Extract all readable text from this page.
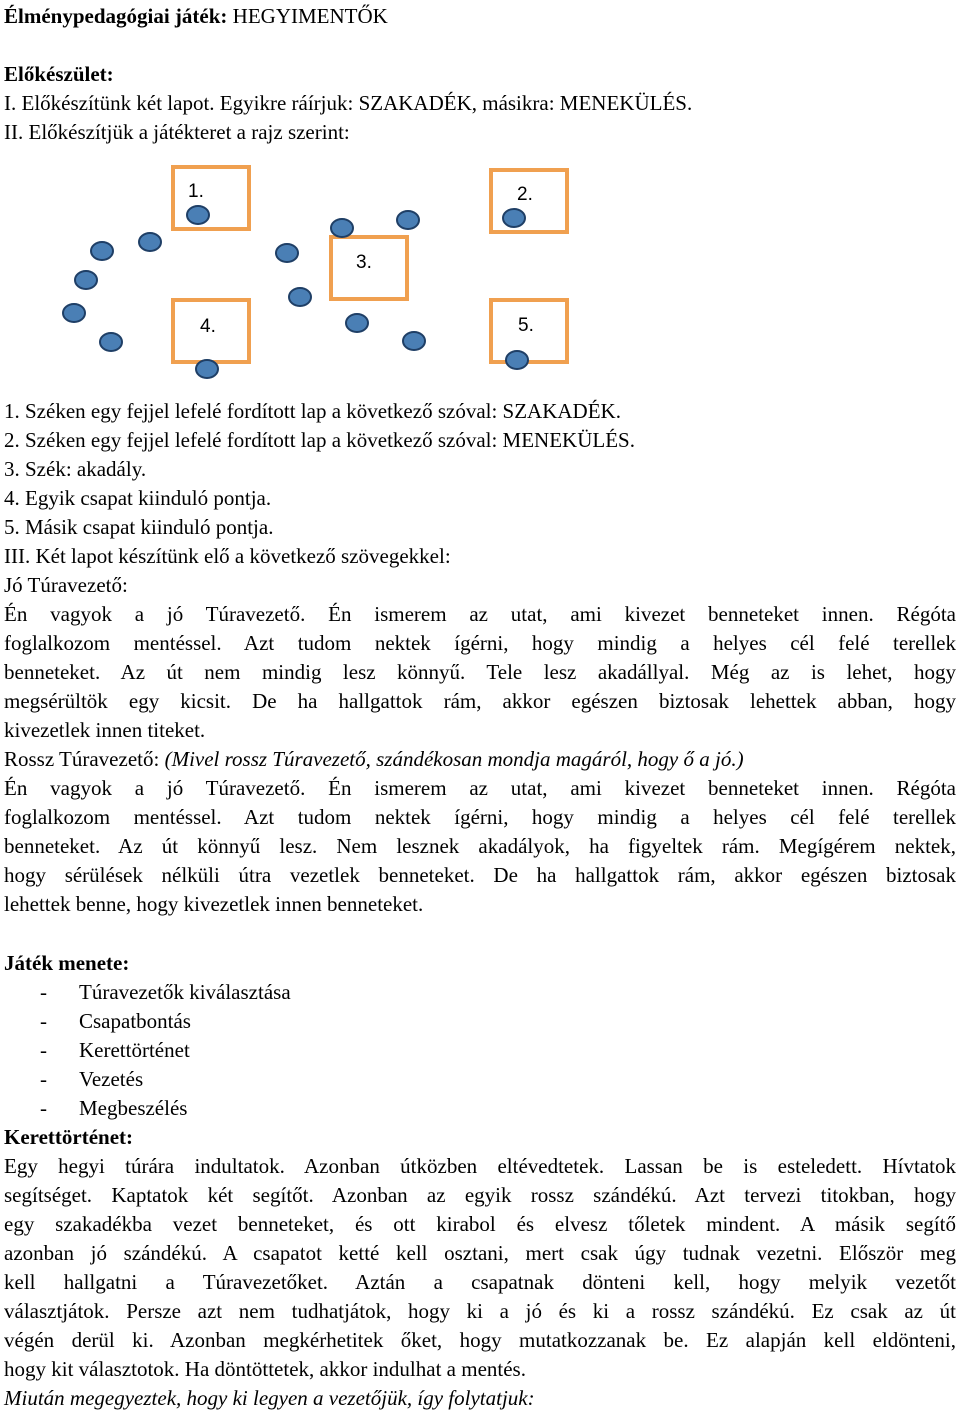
Élménypedagógiai játék: HEGYIMENTŐK
Előkészület:
I. Előkészítünk két lapot. Egyikre ráírjuk: SZAKADÉK, másikra: MENEKÜLÉS.
II. Előkészítjük a játékteret a rajz szerint:
1.	2.
3.
4.	5.
1. Széken egy fejjel lefelé fordított lap a következő szóval: SZAKADÉK.
2. Széken egy fejjel lefelé fordított lap a következő szóval: MENEKÜLÉS.
3. Szék: akadály.
4. Egyik csapat kiinduló pontja.
5. Másik csapat kiinduló pontja.
III. Két lapot készítünk elő a következő szövegekkel:
Jó Túravezető:
Én vagyok a jó Túravezető. Én ismerem az utat, ami kivezet benneteket innen. Régóta
foglalkozom mentéssel. Azt tudom nektek ígérni, hogy mindig a helyes cél felé terellek
benneteket. Az út nem mindig lesz könnyű. Tele lesz akadállyal. Még az is lehet, hogy
megsérültök egy kicsit. De ha hallgattok rám, akkor egészen biztosak lehettek abban, hogy
kivezetlek innen titeket.
Rossz Túravezető: (Mivel rossz Túravezető, szándékosan mondja magáról, hogy ő a jó.)
Én vagyok a jó Túravezető. Én ismerem az utat, ami kivezet benneteket innen. Régóta
foglalkozom mentéssel. Azt tudom nektek ígérni, hogy mindig a helyes cél felé terellek
benneteket. Az út könnyű lesz. Nem lesznek akadályok, ha figyeltek rám. Megígérem nektek,
hogy sérülések nélküli útra vezetlek benneteket. De ha hallgattok rám, akkor egészen biztosak
lehettek benne, hogy kivezetlek innen benneteket.
Játék menete:
- Túravezetők kiválasztása
- Csapatbontás
- Kerettörténet
- Vezetés
- Megbeszélés
Kerettörténet:
Egy hegyi túrára indultatok. Azonban útközben eltévedtetek. Lassan be is esteledett. Hívtatok
segítséget. Kaptatok két segítőt. Azonban az egyik rossz szándékú. Azt tervezi titokban, hogy
egy szakadékba vezet benneteket, és ott kirabol és elvesz tőletek mindent. A másik segítő
azonban jó szándékú. A csapatot ketté kell osztani, mert csak úgy tudnak vezetni. Először meg
kell hallgatni a Túravezetőket. Aztán a csapatnak dönteni kell, hogy melyik vezetőt
választjátok. Persze azt nem tudhatjátok, hogy ki a jó és ki a rossz szándékú. Ez csak az út
végén derül ki. Azonban megkérhetitek őket, hogy mutatkozzanak be. Ez alapján kell eldönteni,
hogy kit választotok. Ha döntöttetek, akkor indulhat a mentés.
Miután megegyeztek, hogy ki legyen a vezetőjük, így folytatjuk:
